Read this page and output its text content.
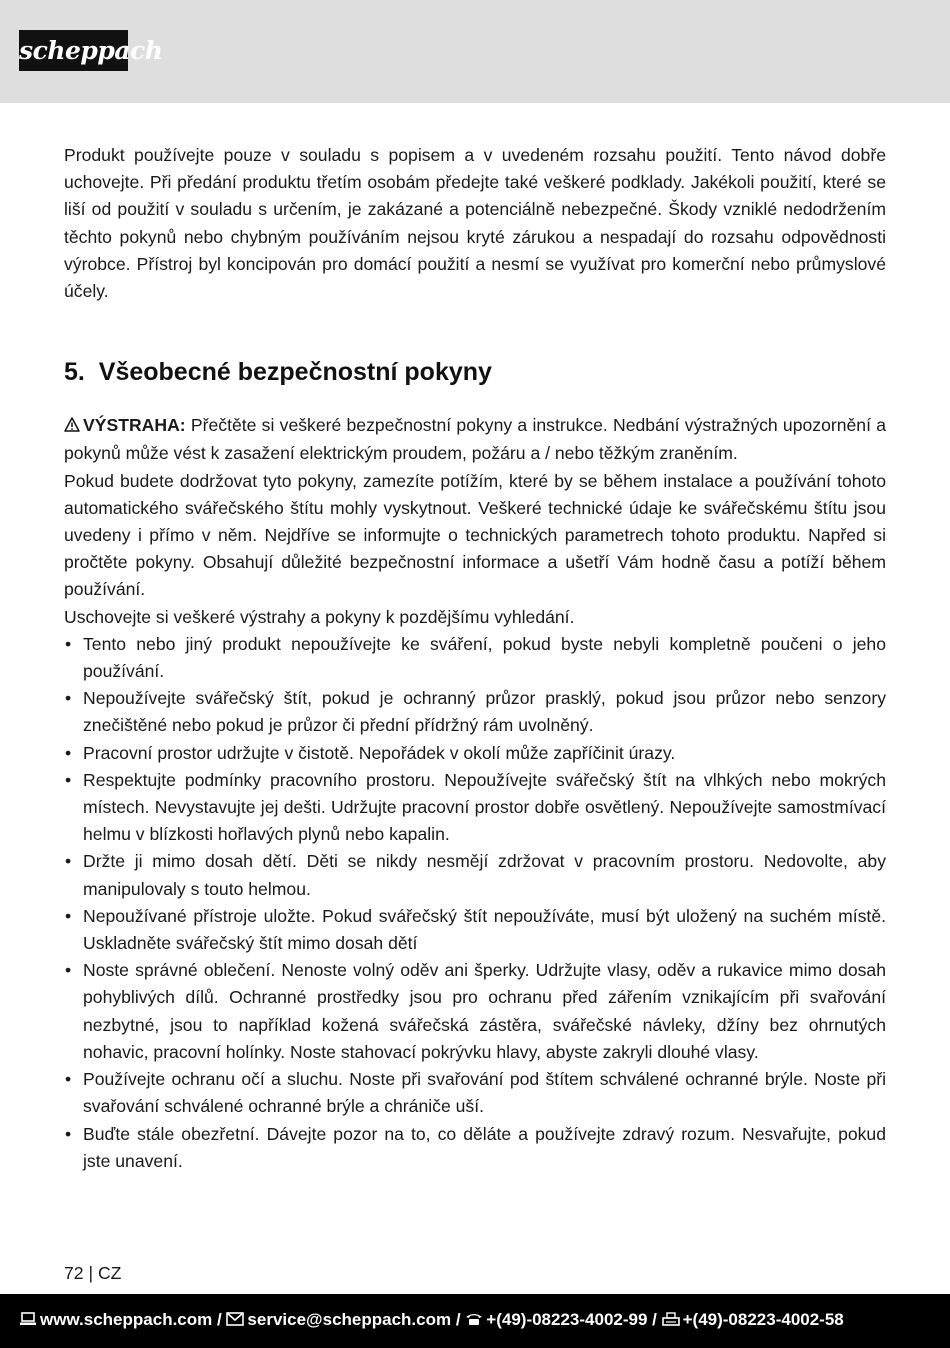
scheppach

Produkt používejte pouze v souladu s popisem a v uvedeném rozsahu použití. Tento návod dobře uchovejte. Při předání produktu třetím osobám předejte také veškeré podklady. Jakékoli použití, které se liší od použití v souladu s určením, je zakázané a potenciálně nebezpečné. Škody vzniklé nedodržením těchto pokynů nebo chybným používáním nejsou kryté zárukou a nespadají do rozsahu odpovědnosti výrobce. Přístroj byl koncipován pro domácí použití a nesmí se využívat pro komerční nebo průmyslové účely.

5. Všeobecné bezpečnostní pokyny

VÝSTRAHA: Přečtěte si veškeré bezpečnostní pokyny a instrukce. Nedbání výstražných upozornění a pokynů může vést k zasažení elektrickým proudem, požáru a / nebo těžkým zraněním.

Pokud budete dodržovat tyto pokyny, zamezíte potížím, které by se během instalace a používání tohoto automatického svářečského štítu mohly vyskytnout. Veškeré technické údaje ke svářečskému štítu jsou uvedeny i přímo v něm. Nejdříve se informujte o technických parametrech tohoto produktu. Napřed si pročtěte pokyny. Obsahují důležité bezpečnostní informace a ušetří Vám hodně času a potíží během používání.

Uschovejte si veškeré výstrahy a pokyny k pozdějšímu vyhledání.

• Tento nebo jiný produkt nepoužívejte ke sváření, pokud byste nebyli kompletně poučeni o jeho používání.
• Nepoužívejte svářečský štít, pokud je ochranný průzor prasklý, pokud jsou průzor nebo senzory znečištěné nebo pokud je průzor či přední přídržný rám uvolněný.
• Pracovní prostor udržujte v čistotě. Nepořádek v okolí může zapříčinit úrazy.
• Respektujte podmínky pracovního prostoru. Nepoužívejte svářečský štít na vlhkých nebo mokrých místech. Nevystavujte jej dešti. Udržujte pracovní prostor dobře osvětlený. Nepoužívejte samostmívací helmu v blízkosti hořlavých plynů nebo kapalin.
• Držte ji mimo dosah dětí. Děti se nikdy nesmějí zdržovat v pracovním prostoru. Nedovolte, aby manipulovaly s touto helmou.
• Nepoužívané přístroje uložte. Pokud svářečský štít nepoužíváte, musí být uložený na suchém místě. Uskladněte svářečský štít mimo dosah dětí
• Noste správné oblečení. Nenoste volný oděv ani šperky. Udržujte vlasy, oděv a rukavice mimo dosah pohyblivých dílů. Ochranné prostředky jsou pro ochranu před zářením vznikajícím při svařování nezbytné, jsou to například kožená svářečská zástěra, svářečské návleky, džíny bez ohrnutých nohavic, pracovní holínky. Noste stahovací pokrývku hlavy, abyste zakryli dlouhé vlasy.
• Používejte ochranu očí a sluchu. Noste při svařování pod štítem schválené ochranné brýle. Noste při svařování schválené ochranné brýle a chrániče uší.
• Buďte stále obezřetní. Dávejte pozor na to, co děláte a používejte zdravý rozum. Nesvařujte, pokud jste unavení.
72 | CZ
www.scheppach.com / service@scheppach.com / +(49)-08223-4002-99 / +(49)-08223-4002-58
